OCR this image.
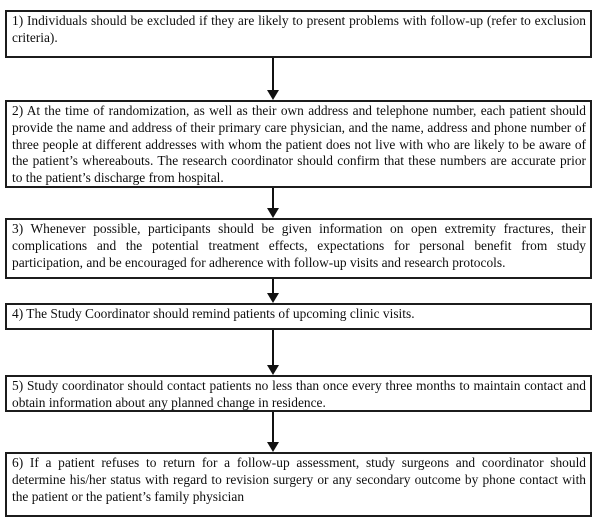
1) Individuals should be excluded if they are likely to present problems with follow-up (refer to exclusion criteria).
2) At the time of randomization, as well as their own address and telephone number, each patient should provide the name and address of their primary care physician, and the name, address and phone number of three people at different addresses with whom the patient does not live with who are likely to be aware of the patient’s whereabouts. The research coordinator should confirm that these numbers are accurate prior to the patient’s discharge from hospital.
3) Whenever possible, participants should be given information on open extremity fractures, their complications and the potential treatment effects, expectations for personal benefit from study participation, and be encouraged for adherence with follow-up visits and research protocols.
4) The Study Coordinator should remind patients of upcoming clinic visits.
5) Study coordinator should contact patients no less than once every three months to maintain contact and obtain information about any planned change in residence.
6) If a patient refuses to return for a follow-up assessment, study surgeons and coordinator should determine his/her status with regard to revision surgery or any secondary outcome by phone contact with the patient or the patient’s family physician
